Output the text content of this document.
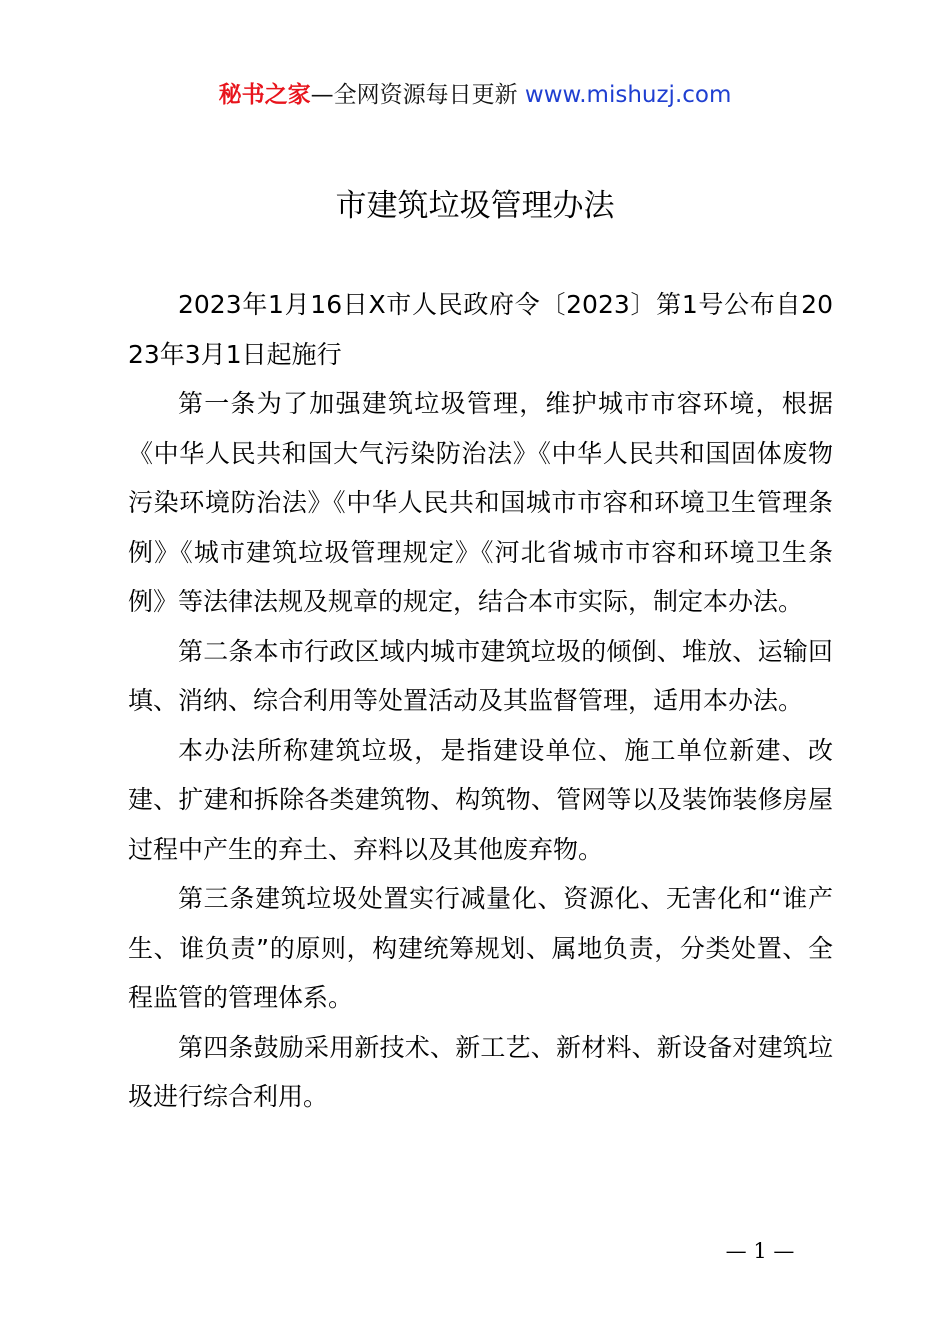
秘书之家—全网资源每日更新 www.mishuzj.com
市建筑垃圾管理办法

2023年1月16日X市人民政府令〔2023〕第1号公布自2023年3月1日起施行

第一条为了加强建筑垃圾管理，维护城市市容环境，根据《中华人民共和国大气污染防治法》《中华人民共和国固体废物污染环境防治法》《中华人民共和国城市市容和环境卫生管理条例》《城市建筑垃圾管理规定》《河北省城市市容和环境卫生条例》等法律法规及规章的规定，结合本市实际，制定本办法。

第二条本市行政区域内城市建筑垃圾的倾倒、堆放、运输回填、消纳、综合利用等处置活动及其监督管理，适用本办法。

本办法所称建筑垃圾，是指建设单位、施工单位新建、改建、扩建和拆除各类建筑物、构筑物、管网等以及装饰装修房屋过程中产生的弃土、弃料以及其他废弃物。

第三条建筑垃圾处置实行减量化、资源化、无害化和“谁产生、谁负责”的原则，构建统筹规划、属地负责，分类处置、全程监管的管理体系。

第四条鼓励采用新技术、新工艺、新材料、新设备对建筑垃圾进行综合利用。

— 1 —
